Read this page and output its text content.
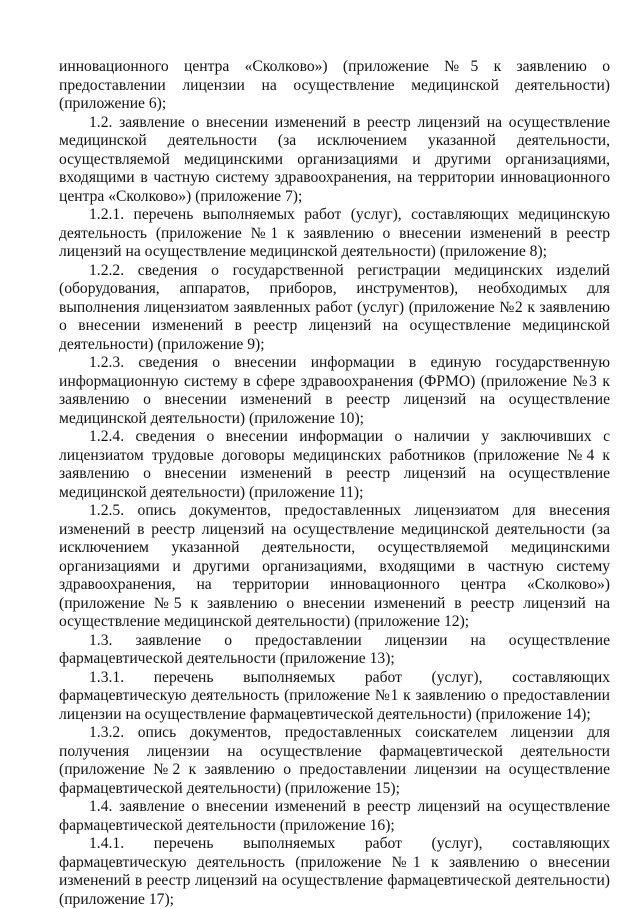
инновационного центра «Сколково») (приложение №5 к заявлению о предоставлении лицензии на осуществление медицинской деятельности) (приложение 6);

1.2. заявление о внесении изменений в реестр лицензий на осуществление медицинской деятельности (за исключением указанной деятельности, осуществляемой медицинскими организациями и другими организациями, входящими в частную систему здравоохранения, на территории инновационного центра «Сколково») (приложение 7);

1.2.1. перечень выполняемых работ (услуг), составляющих медицинскую деятельность (приложение №1 к заявлению о внесении изменений в реестр лицензий на осуществление медицинской деятельности) (приложение 8);

1.2.2. сведения о государственной регистрации медицинских изделий (оборудования, аппаратов, приборов, инструментов), необходимых для выполнения лицензиатом заявленных работ (услуг) (приложение №2 к заявлению о внесении изменений в реестр лицензий на осуществление медицинской деятельности) (приложение 9);

1.2.3. сведения о внесении информации в единую государственную информационную систему в сфере здравоохранения (ФРМО) (приложение №3 к заявлению о внесении изменений в реестр лицензий на осуществление медицинской деятельности) (приложение 10);

1.2.4. сведения о внесении информации о наличии у заключивших с лицензиатом трудовые договоры медицинских работников (приложение №4 к заявлению о внесении изменений в реестр лицензий на осуществление медицинской деятельности) (приложение 11);

1.2.5. опись документов, предоставленных лицензиатом для внесения изменений в реестр лицензий на осуществление медицинской деятельности (за исключением указанной деятельности, осуществляемой медицинскими организациями и другими организациями, входящими в частную систему здравоохранения, на территории инновационного центра «Сколково») (приложение №5 к заявлению о внесении изменений в реестр лицензий на осуществление медицинской деятельности) (приложение 12);

1.3. заявление о предоставлении лицензии на осуществление фармацевтической деятельности (приложение 13);

1.3.1. перечень выполняемых работ (услуг), составляющих фармацевтическую деятельность (приложение №1 к заявлению о предоставлении лицензии на осуществление фармацевтической деятельности) (приложение 14);

1.3.2. опись документов, предоставленных соискателем лицензии для получения лицензии на осуществление фармацевтической деятельности (приложение №2 к заявлению о предоставлении лицензии на осуществление фармацевтической деятельности) (приложение 15);

1.4. заявление о внесении изменений в реестр лицензий на осуществление фармацевтической деятельности (приложение 16);

1.4.1. перечень выполняемых работ (услуг), составляющих фармацевтическую деятельность (приложение №1 к заявлению о внесении изменений в реестр лицензий на осуществление фармацевтической деятельности) (приложение 17);
